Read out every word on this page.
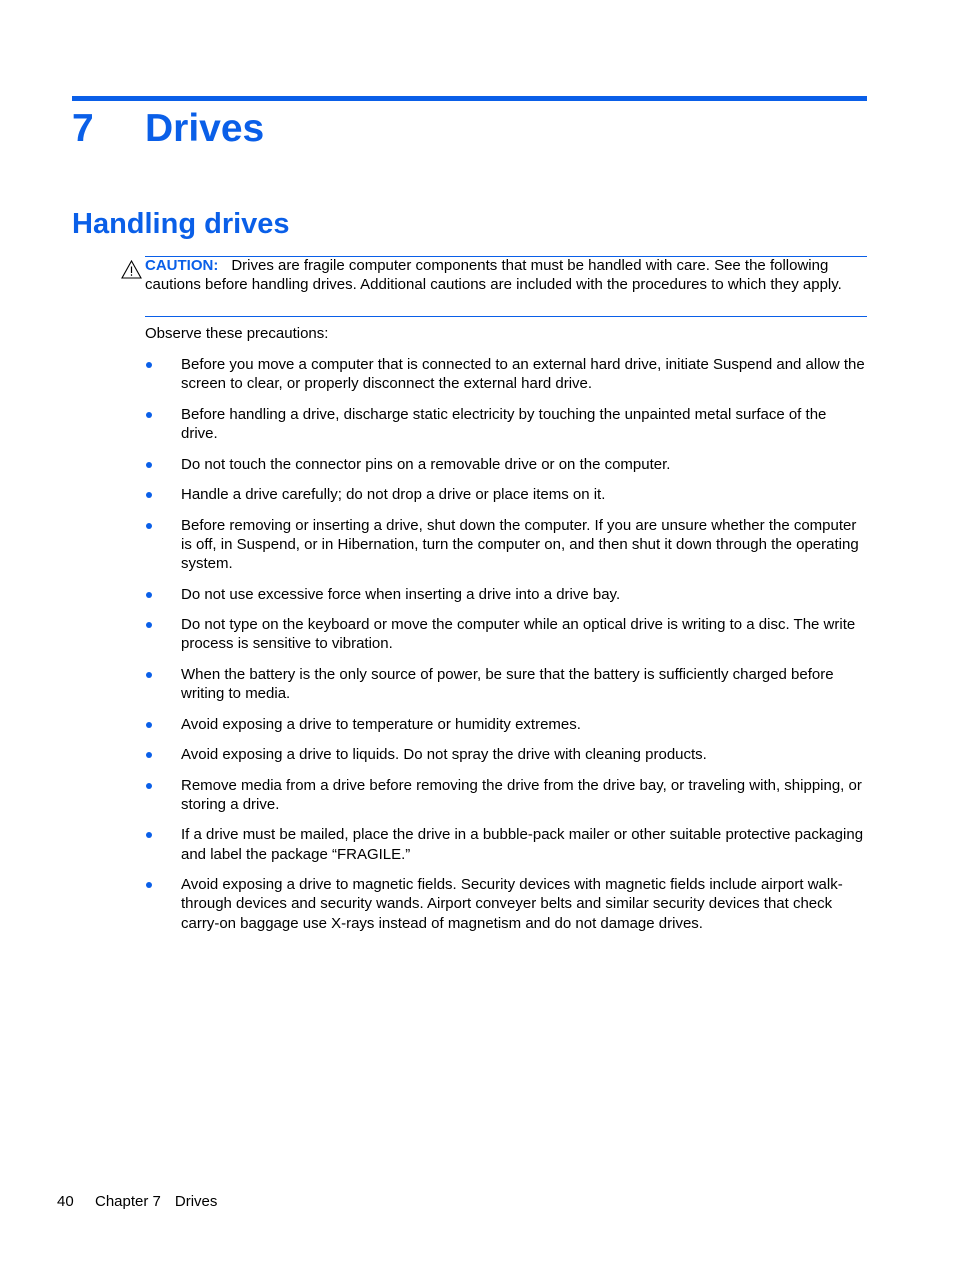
7 Drives
Handling drives

CAUTION: Drives are fragile computer components that must be handled with care. See the following cautions before handling drives. Additional cautions are included with the procedures to which they apply.

Observe these precautions:

Before you move a computer that is connected to an external hard drive, initiate Suspend and allow the screen to clear, or properly disconnect the external hard drive.
Before handling a drive, discharge static electricity by touching the unpainted metal surface of the drive.
Do not touch the connector pins on a removable drive or on the computer.
Handle a drive carefully; do not drop a drive or place items on it.
Before removing or inserting a drive, shut down the computer. If you are unsure whether the computer is off, in Suspend, or in Hibernation, turn the computer on, and then shut it down through the operating system.
Do not use excessive force when inserting a drive into a drive bay.
Do not type on the keyboard or move the computer while an optical drive is writing to a disc. The write process is sensitive to vibration.
When the battery is the only source of power, be sure that the battery is sufficiently charged before writing to media.
Avoid exposing a drive to temperature or humidity extremes.
Avoid exposing a drive to liquids. Do not spray the drive with cleaning products.
Remove media from a drive before removing the drive from the drive bay, or traveling with, shipping, or storing a drive.
If a drive must be mailed, place the drive in a bubble-pack mailer or other suitable protective packaging and label the package “FRAGILE.”
Avoid exposing a drive to magnetic fields. Security devices with magnetic fields include airport walk-through devices and security wands. Airport conveyer belts and similar security devices that check carry-on baggage use X-rays instead of magnetism and do not damage drives.
40 Chapter 7 Drives
